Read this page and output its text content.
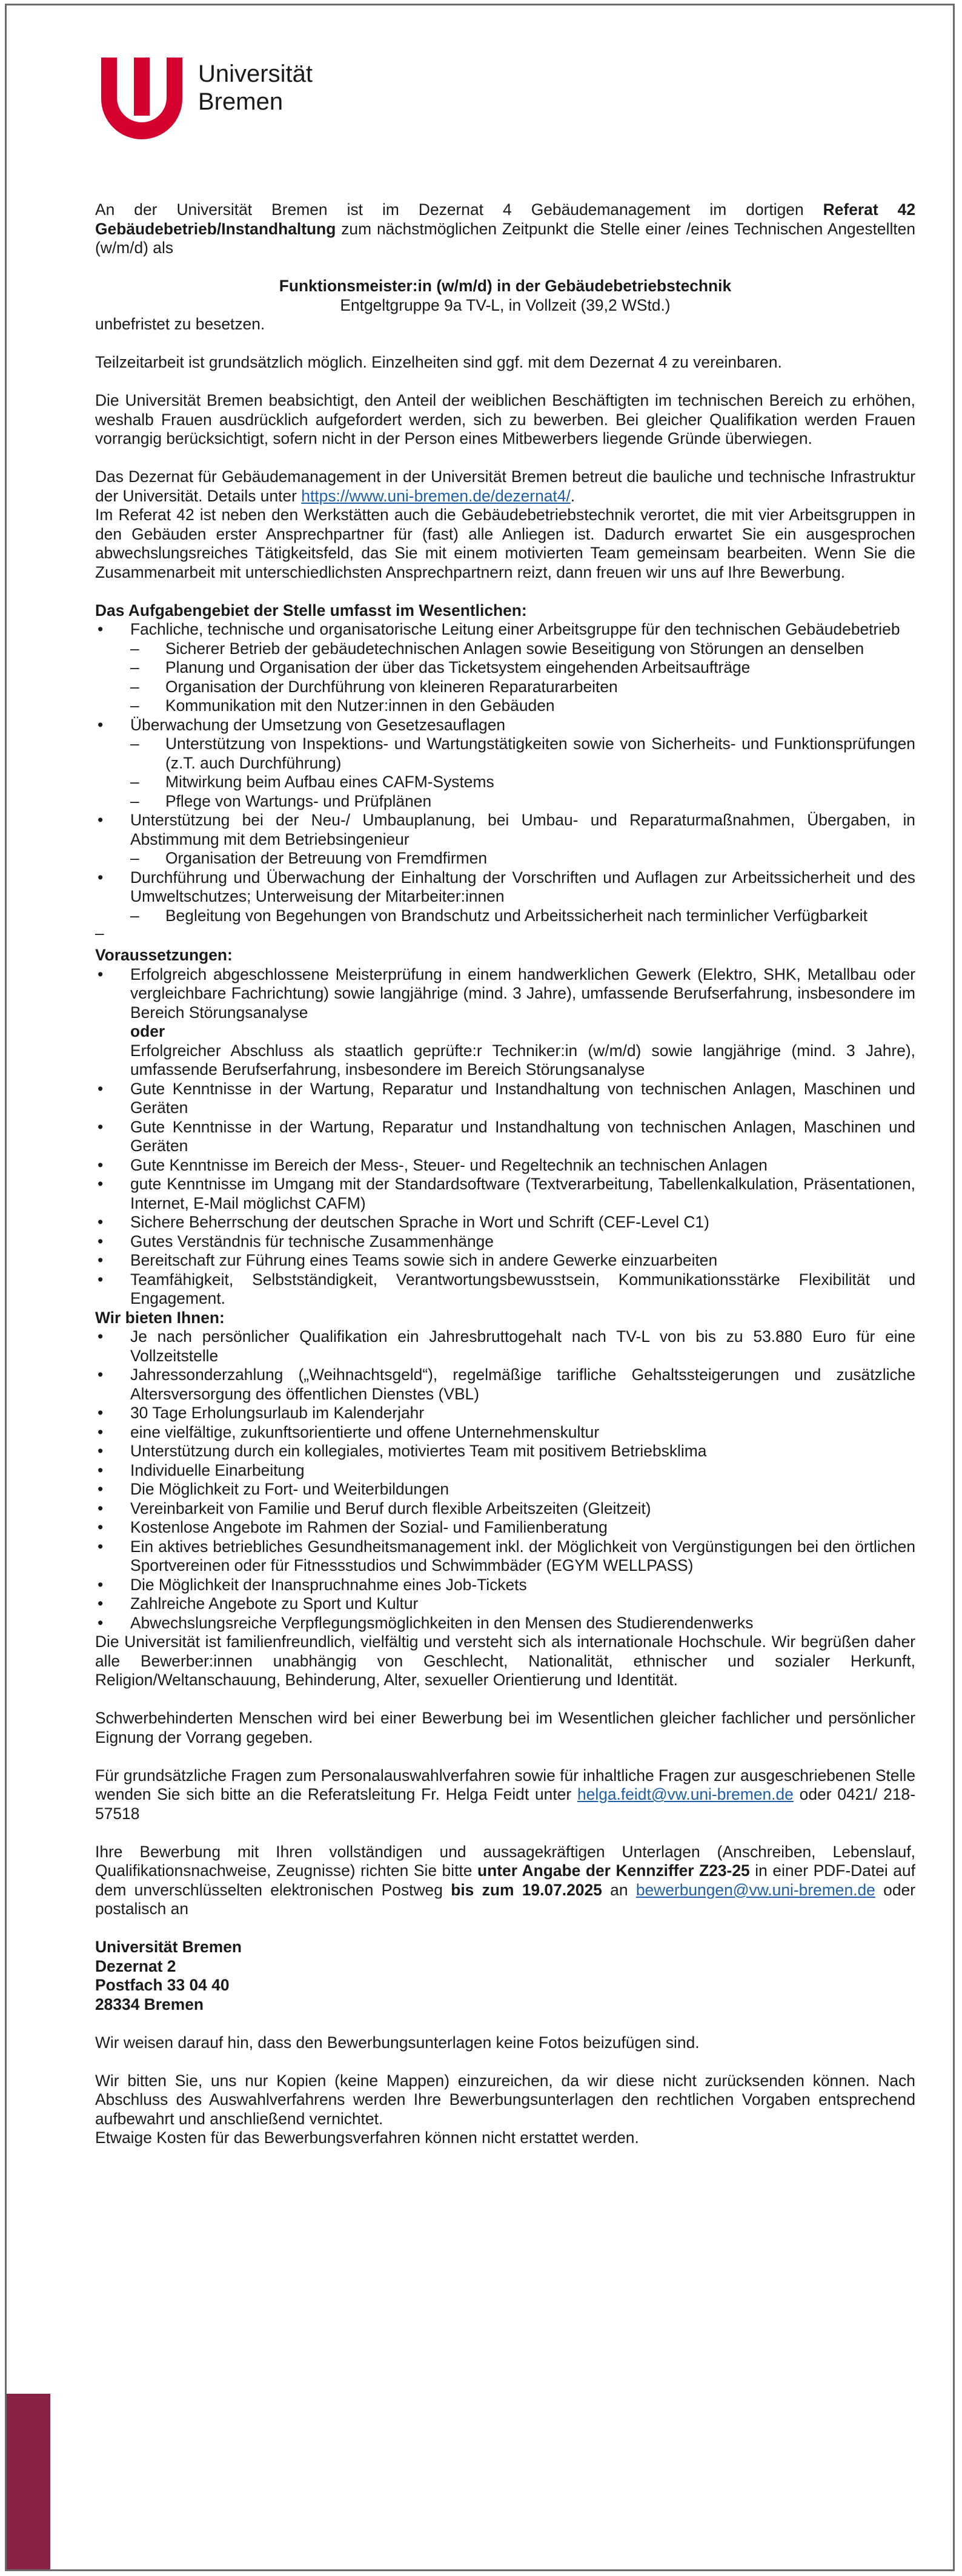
Universität
Bremen

An der Universität Bremen ist im Dezernat 4 Gebäudemanagement im dortigen Referat 42 Gebäudebetrieb/Instandhaltung zum nächstmöglichen Zeitpunkt die Stelle einer /eines Technischen Angestellten (w/m/d) als

Funktionsmeister:in (w/m/d) in der Gebäudebetriebstechnik
Entgeltgruppe 9a TV-L, in Vollzeit (39,2 WStd.)

unbefristet zu besetzen.

Teilzeitarbeit ist grundsätzlich möglich. Einzelheiten sind ggf. mit dem Dezernat 4 zu vereinbaren.

Die Universität Bremen beabsichtigt, den Anteil der weiblichen Beschäftigten im technischen Bereich zu erhöhen, weshalb Frauen ausdrücklich aufgefordert werden, sich zu bewerben. Bei gleicher Qualifikation werden Frauen vorrangig berücksichtigt, sofern nicht in der Person eines Mitbewerbers liegende Gründe überwiegen.

Das Dezernat für Gebäudemanagement in der Universität Bremen betreut die bauliche und technische Infrastruktur der Universität. Details unter https://www.uni-bremen.de/dezernat4/.
Im Referat 42 ist neben den Werkstätten auch die Gebäudebetriebstechnik verortet, die mit vier Arbeitsgruppen in den Gebäuden erster Ansprechpartner für (fast) alle Anliegen ist. Dadurch erwartet Sie ein ausgesprochen abwechslungsreiches Tätigkeitsfeld, das Sie mit einem motivierten Team gemeinsam bearbeiten. Wenn Sie die Zusammenarbeit mit unterschiedlichsten Ansprechpartnern reizt, dann freuen wir uns auf Ihre Bewerbung.

Das Aufgabengebiet der Stelle umfasst im Wesentlichen:
• Fachliche, technische und organisatorische Leitung einer Arbeitsgruppe für den technischen Gebäudebetrieb
– Sicherer Betrieb der gebäudetechnischen Anlagen sowie Beseitigung von Störungen an denselben
– Planung und Organisation der über das Ticketsystem eingehenden Arbeitsaufträge
– Organisation der Durchführung von kleineren Reparaturarbeiten
– Kommunikation mit den Nutzer:innen in den Gebäuden
• Überwachung der Umsetzung von Gesetzesauflagen
– Unterstützung von Inspektions- und Wartungstätigkeiten sowie von Sicherheits- und Funktionsprüfungen (z.T. auch Durchführung)
– Mitwirkung beim Aufbau eines CAFM-Systems
– Pflege von Wartungs- und Prüfplänen
• Unterstützung bei der Neu-/ Umbauplanung, bei Umbau- und Reparaturmaßnahmen, Übergaben, in Abstimmung mit dem Betriebsingenieur
– Organisation der Betreuung von Fremdfirmen
• Durchführung und Überwachung der Einhaltung der Vorschriften und Auflagen zur Arbeitssicherheit und des Umweltschutzes; Unterweisung der Mitarbeiter:innen
– Begleitung von Begehungen von Brandschutz und Arbeitssicherheit nach terminlicher Verfügbarkeit
–
Voraussetzungen:
• Erfolgreich abgeschlossene Meisterprüfung in einem handwerklichen Gewerk (Elektro, SHK, Metallbau oder vergleichbare Fachrichtung) sowie langjährige (mind. 3 Jahre), umfassende Berufserfahrung, insbesondere im Bereich Störungsanalyse
oder
Erfolgreicher Abschluss als staatlich geprüfte:r Techniker:in (w/m/d) sowie langjährige (mind. 3 Jahre), umfassende Berufserfahrung, insbesondere im Bereich Störungsanalyse
• Gute Kenntnisse in der Wartung, Reparatur und Instandhaltung von technischen Anlagen, Maschinen und Geräten
• Gute Kenntnisse in der Wartung, Reparatur und Instandhaltung von technischen Anlagen, Maschinen und Geräten
• Gute Kenntnisse im Bereich der Mess-, Steuer- und Regeltechnik an technischen Anlagen
• gute Kenntnisse im Umgang mit der Standardsoftware (Textverarbeitung, Tabellenkalkulation, Präsentationen, Internet, E-Mail möglichst CAFM)
• Sichere Beherrschung der deutschen Sprache in Wort und Schrift (CEF-Level C1)
• Gutes Verständnis für technische Zusammenhänge
• Bereitschaft zur Führung eines Teams sowie sich in andere Gewerke einzuarbeiten
• Teamfähigkeit, Selbstständigkeit, Verantwortungsbewusstsein, Kommunikationsstärke Flexibilität und Engagement.
Wir bieten Ihnen:
• Je nach persönlicher Qualifikation ein Jahresbruttogehalt nach TV-L von bis zu 53.880 Euro für eine Vollzeitstelle
• Jahressonderzahlung („Weihnachtsgeld“), regelmäßige tarifliche Gehaltssteigerungen und zusätzliche Altersversorgung des öffentlichen Dienstes (VBL)
• 30 Tage Erholungsurlaub im Kalenderjahr
• eine vielfältige, zukunftsorientierte und offene Unternehmenskultur
• Unterstützung durch ein kollegiales, motiviertes Team mit positivem Betriebsklima
• Individuelle Einarbeitung
• Die Möglichkeit zu Fort- und Weiterbildungen
• Vereinbarkeit von Familie und Beruf durch flexible Arbeitszeiten (Gleitzeit)
• Kostenlose Angebote im Rahmen der Sozial- und Familienberatung
• Ein aktives betriebliches Gesundheitsmanagement inkl. der Möglichkeit von Vergünstigungen bei den örtlichen Sportvereinen oder für Fitnessstudios und Schwimmbäder (EGYM WELLPASS)
• Die Möglichkeit der Inanspruchnahme eines Job-Tickets
• Zahlreiche Angebote zu Sport und Kultur
• Abwechslungsreiche Verpflegungsmöglichkeiten in den Mensen des Studierendenwerks

Die Universität ist familienfreundlich, vielfältig und versteht sich als internationale Hochschule. Wir begrüßen daher alle Bewerber:innen unabhängig von Geschlecht, Nationalität, ethnischer und sozialer Herkunft, Religion/Weltanschauung, Behinderung, Alter, sexueller Orientierung und Identität.

Schwerbehinderten Menschen wird bei einer Bewerbung bei im Wesentlichen gleicher fachlicher und persönlicher Eignung der Vorrang gegeben.

Für grundsätzliche Fragen zum Personalauswahlverfahren sowie für inhaltliche Fragen zur ausgeschriebenen Stelle wenden Sie sich bitte an die Referatsleitung Fr. Helga Feidt unter helga.feidt@vw.uni-bremen.de oder 0421/ 218-57518

Ihre Bewerbung mit Ihren vollständigen und aussagekräftigen Unterlagen (Anschreiben, Lebenslauf, Qualifikationsnachweise, Zeugnisse) richten Sie bitte unter Angabe der Kennziffer Z23-25 in einer PDF-Datei auf dem unverschlüsselten elektronischen Postweg bis zum 19.07.2025 an bewerbungen@vw.uni-bremen.de oder postalisch an

Universität Bremen
Dezernat 2
Postfach 33 04 40
28334 Bremen

Wir weisen darauf hin, dass den Bewerbungsunterlagen keine Fotos beizufügen sind.

Wir bitten Sie, uns nur Kopien (keine Mappen) einzureichen, da wir diese nicht zurücksenden können. Nach Abschluss des Auswahlverfahrens werden Ihre Bewerbungsunterlagen den rechtlichen Vorgaben entsprechend aufbewahrt und anschließend vernichtet.
Etwaige Kosten für das Bewerbungsverfahren können nicht erstattet werden.
